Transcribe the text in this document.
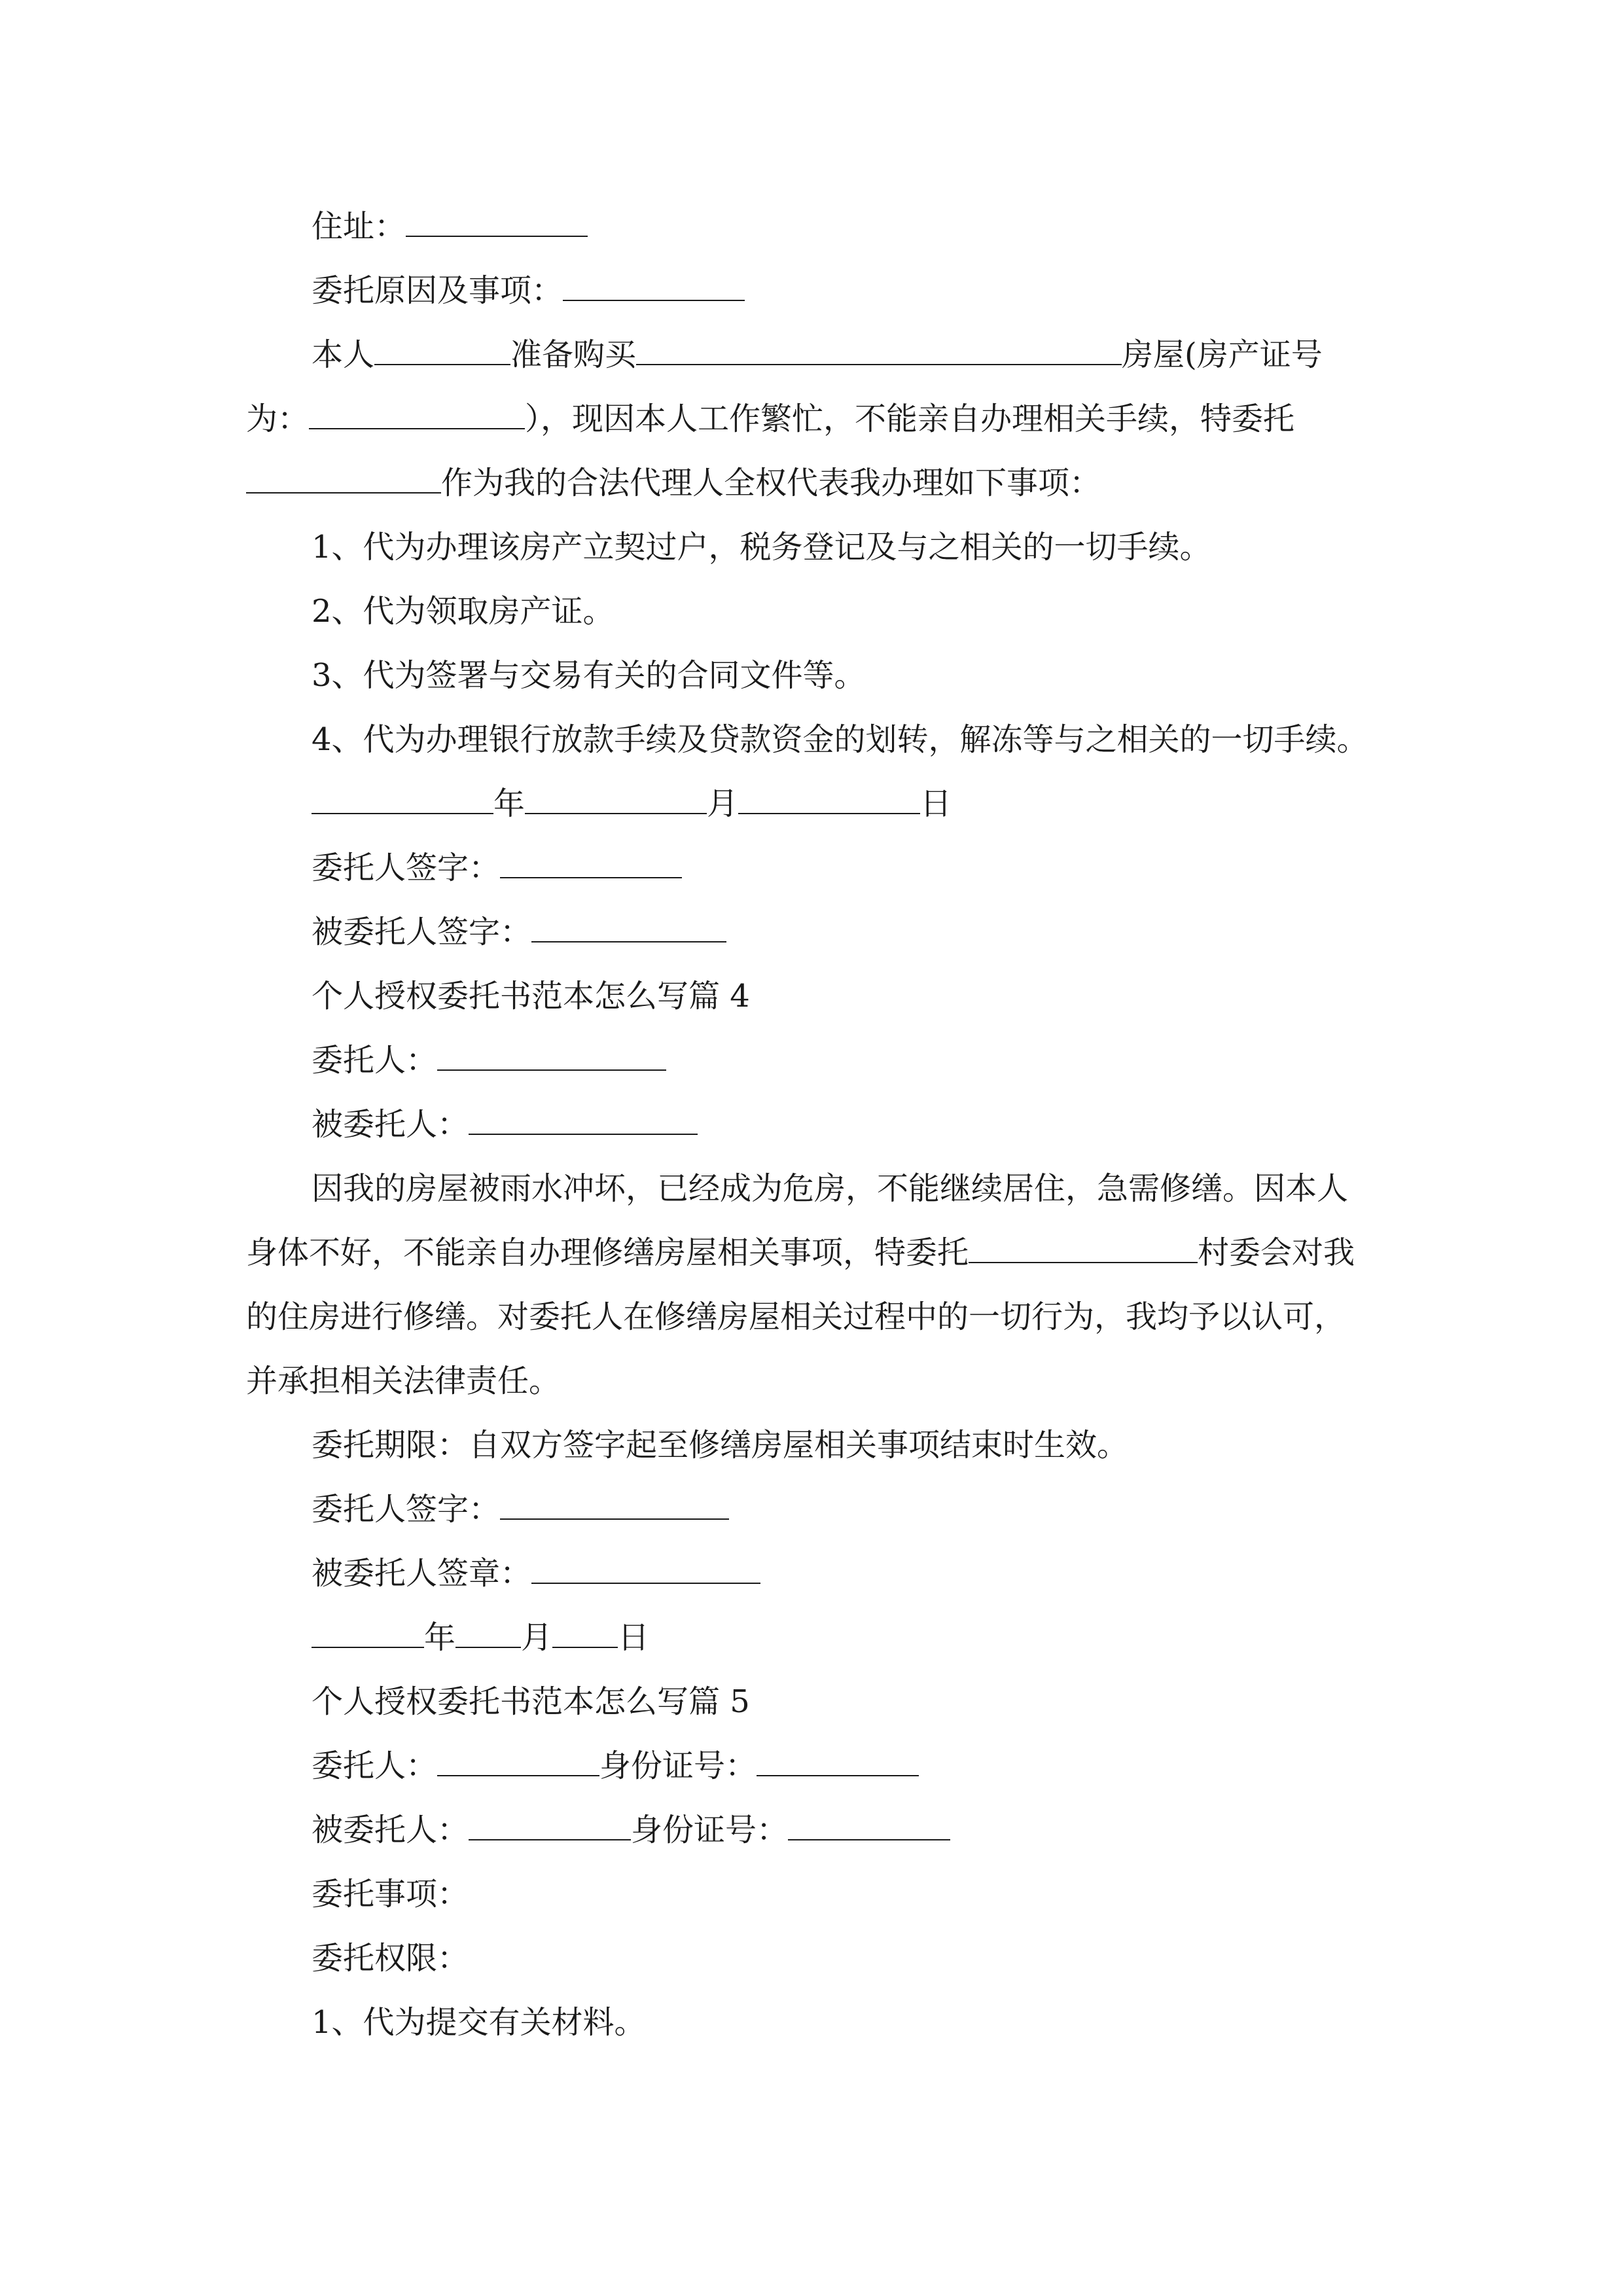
住址：
委托原因及事项：
本人	准备购买	房屋(房产证号
为：	），现因本人工作繁忙，不能亲自办理相关手续，特委托
作为我的合法代理人全权代表我办理如下事项：
1、代为办理该房产立契过户，税务登记及与之相关的一切手续。
2、代为领取房产证。
3、代为签署与交易有关的合同文件等。
4、代为办理银行放款手续及贷款资金的划转，解冻等与之相关的一切手续。
年	月	日
委托人签字：
被委托人签字：
个人授权委托书范本怎么写篇 4
委托人：
被委托人：
因我的房屋被雨水冲坏，已经成为危房，不能继续居住，急需修缮。因本人
身体不好，不能亲自办理修缮房屋相关事项，特委托	村委会对我
的住房进行修缮。对委托人在修缮房屋相关过程中的一切行为，我均予以认可，
并承担相关法律责任。
委托期限：自双方签字起至修缮房屋相关事项结束时生效。
委托人签字：
被委托人签章：
年 月 日
个人授权委托书范本怎么写篇 5
委托人：	身份证号：
被委托人：	身份证号：
委托事项：
委托权限：
1、代为提交有关材料。
